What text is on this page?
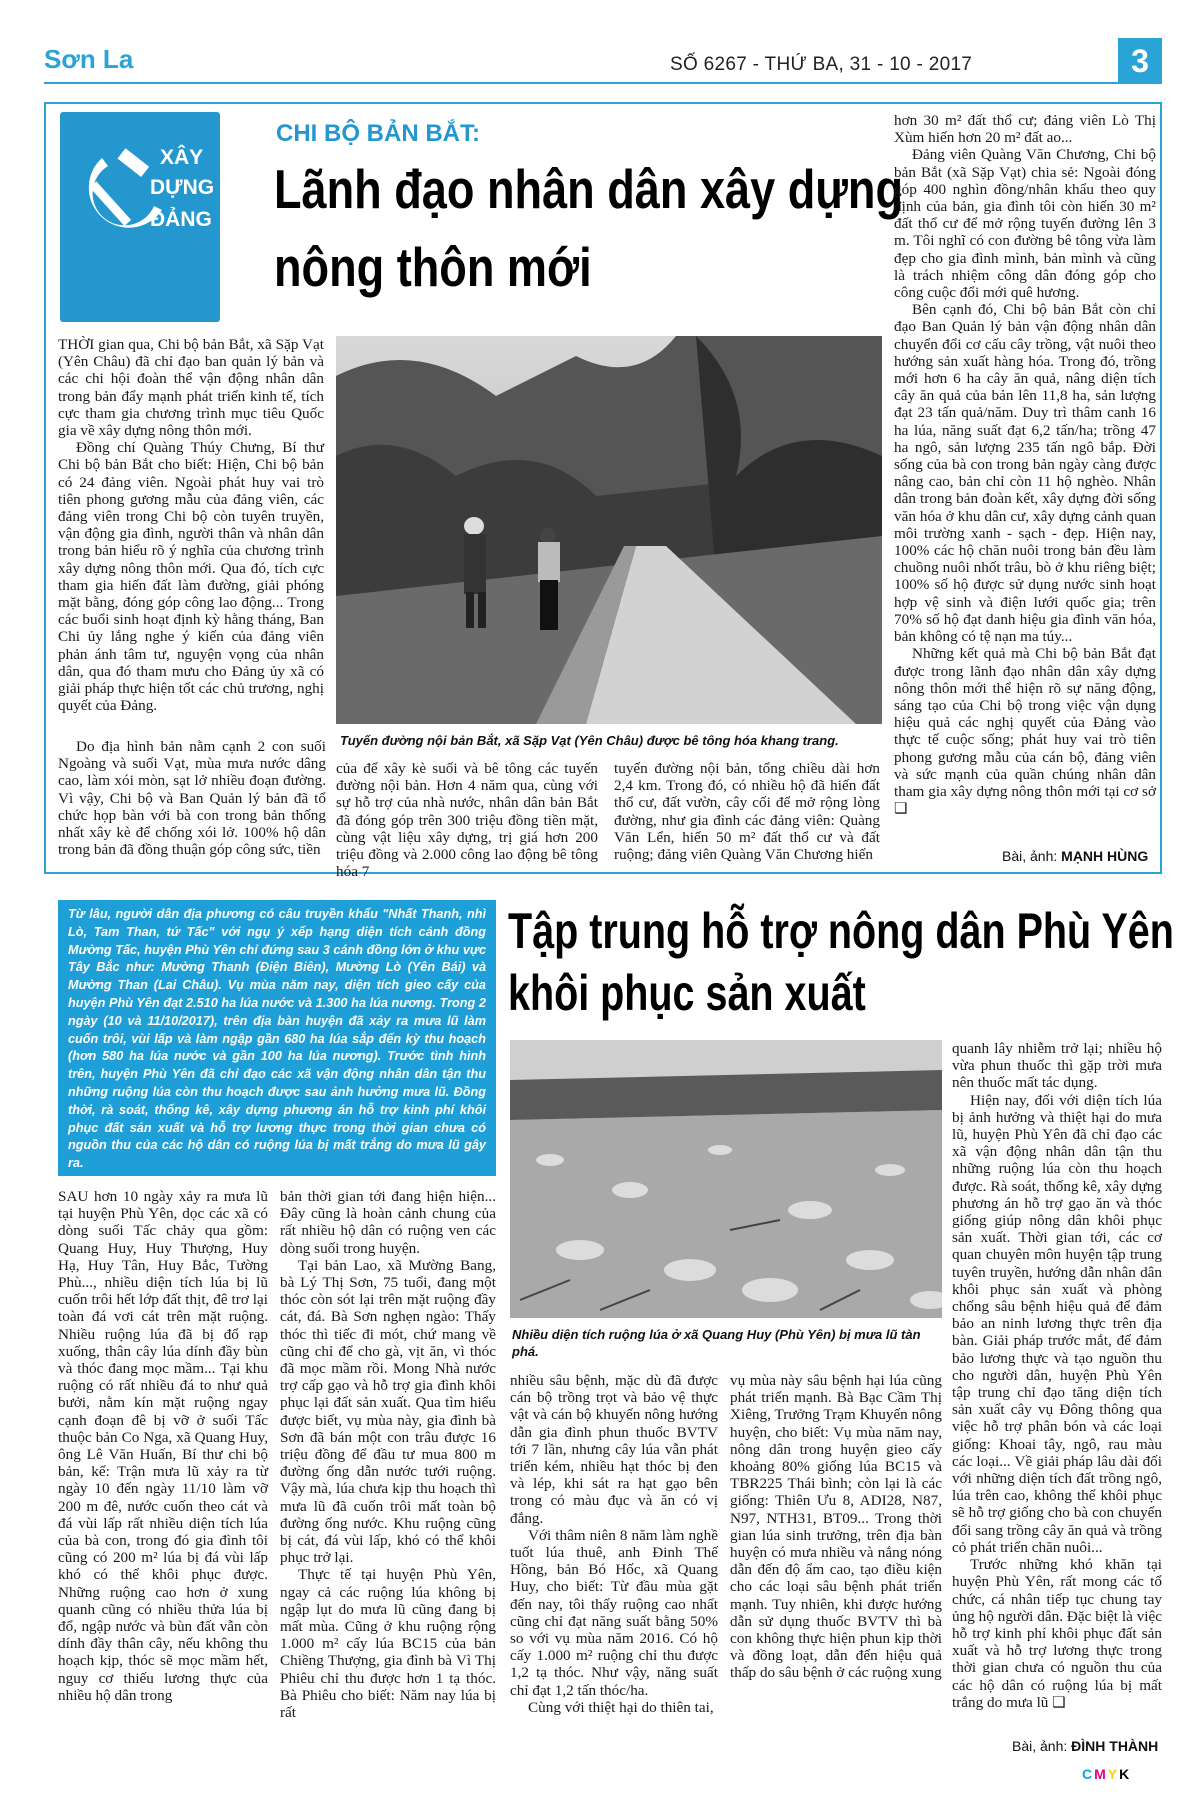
Sơn La	SỐ 6267 - THỨ BA, 31 - 10 - 2017	3
XÂY
DỰNG
ĐẢNG
CHI BỘ BẢN BẮT:
Lãnh đạo nhân dân xây dựng
nông thôn mới
Tuyến đường nội bản Bắt, xã Sặp Vạt (Yên Châu) được bê tông hóa khang trang.

THỜI gian qua, Chi bộ bản Bắt, xã Sặp Vạt (Yên Châu) đã chỉ đạo ban quản lý bản và các chi hội đoàn thể vận động nhân dân trong bản đẩy mạnh phát triển kinh tế, tích cực tham gia chương trình mục tiêu Quốc gia về xây dựng nông thôn mới.

Đồng chí Quàng Thúy Chưng, Bí thư Chi bộ bản Bắt cho biết: Hiện, Chi bộ bản có 24 đảng viên. Ngoài phát huy vai trò tiên phong gương mẫu của đảng viên, các đảng viên trong Chi bộ còn tuyên truyền, vận động gia đình, người thân và nhân dân trong bản hiểu rõ ý nghĩa của chương trình xây dựng nông thôn mới. Qua đó, tích cực tham gia hiến đất làm đường, giải phóng mặt bằng, đóng góp công lao động... Trong các buổi sinh hoạt định kỳ hằng tháng, Ban Chi ủy lắng nghe ý kiến của đảng viên phản ánh tâm tư, nguyện vọng của nhân dân, qua đó tham mưu cho Đảng ủy xã có giải pháp thực hiện tốt các chủ trương, nghị quyết của Đảng.

Do địa hình bản nằm cạnh 2 con suối Ngoàng và suối Vạt, mùa mưa nước dâng cao, làm xói mòn, sạt lở nhiều đoạn đường. Vì vậy, Chi bộ và Ban Quản lý bản đã tổ chức họp bàn với bà con trong bản thống nhất xây kè để chống xói lở. 100% hộ dân trong bản đã đồng thuận góp công sức, tiền

của để xây kè suối và bê tông các tuyến đường nội bản. Hơn 4 năm qua, cùng với sự hỗ trợ của nhà nước, nhân dân bản Bắt đã đóng góp trên 300 triệu đồng tiền mặt, cùng vật liệu xây dựng, trị giá hơn 200 triệu đồng và 2.000 công lao động bê tông hóa 7

tuyến đường nội bản, tổng chiều dài hơn 2,4 km. Trong đó, có nhiều hộ đã hiến đất thổ cư, đất vườn, cây cối để mở rộng lòng đường, như gia đình các đảng viên: Quàng Văn Lển, hiến 50 m² đất thổ cư và đất ruộng; đảng viên Quàng Văn Chương hiến

hơn 30 m² đất thổ cư; đảng viên Lò Thị Xùm hiến hơn 20 m² đất ao...

Đảng viên Quàng Văn Chương, Chi bộ bản Bắt (xã Sặp Vạt) chia sẻ: Ngoài đóng góp 400 nghìn đồng/nhân khẩu theo quy định của bản, gia đình tôi còn hiến 30 m² đất thổ cư để mở rộng tuyến đường lên 3 m. Tôi nghĩ có con đường bê tông vừa làm đẹp cho gia đình mình, bản mình và cũng là trách nhiệm công dân đóng góp cho công cuộc đổi mới quê hương.

Bên cạnh đó, Chi bộ bản Bắt còn chỉ đạo Ban Quản lý bản vận động nhân dân chuyển đổi cơ cấu cây trồng, vật nuôi theo hướng sản xuất hàng hóa. Trong đó, trồng mới hơn 6 ha cây ăn quả, nâng diện tích cây ăn quả của bản lên 11,8 ha, sản lượng đạt 23 tấn quả/năm. Duy trì thâm canh 16 ha lúa, năng suất đạt 6,2 tấn/ha; trồng 47 ha ngô, sản lượng 235 tấn ngô bắp. Đời sống của bà con trong bản ngày càng được nâng cao, bản chỉ còn 11 hộ nghèo. Nhân dân trong bản đoàn kết, xây dựng đời sống văn hóa ở khu dân cư, xây dựng cảnh quan môi trường xanh - sạch - đẹp. Hiện nay, 100% các hộ chăn nuôi trong bản đều làm chuồng nuôi nhốt trâu, bò ở khu riêng biệt; 100% số hộ được sử dụng nước sinh hoạt hợp vệ sinh và điện lưới quốc gia; trên 70% số hộ đạt danh hiệu gia đình văn hóa, bản không có tệ nạn ma túy...

Những kết quả mà Chi bộ bản Bắt đạt được trong lãnh đạo nhân dân xây dựng nông thôn mới thể hiện rõ sự năng động, sáng tạo của Chi bộ trong việc vận dụng hiệu quả các nghị quyết của Đảng vào thực tế cuộc sống; phát huy vai trò tiên phong gương mẫu của cán bộ, đảng viên và sức mạnh của quần chúng nhân dân tham gia xây dựng nông thôn mới tại cơ sở ❏

Bài, ảnh: MẠNH HÙNG
Từ lâu, người dân địa phương có câu truyền khẩu "Nhất Thanh, nhì Lò, Tam Than, tứ Tấc" với ngụ ý xếp hạng diện tích cánh đồng Mường Tấc, huyện Phù Yên chỉ đứng sau 3 cánh đồng lớn ở khu vực Tây Bắc như: Mường Thanh (Điện Biên), Mường Lò (Yên Bái) và Mường Than (Lai Châu). Vụ mùa năm nay, diện tích gieo cấy của huyện Phù Yên đạt 2.510 ha lúa nước và 1.300 ha lúa nương. Trong 2 ngày (10 và 11/10/2017), trên địa bàn huyện đã xảy ra mưa lũ làm cuốn trôi, vùi lấp và làm ngập gần 680 ha lúa sắp đến kỳ thu hoạch (hơn 580 ha lúa nước và gần 100 ha lúa nương). Trước tình hình trên, huyện Phù Yên đã chỉ đạo các xã vận động nhân dân tận thu những ruộng lúa còn thu hoạch được sau ảnh hưởng mưa lũ. Đồng thời, rà soát, thống kê, xây dựng phương án hỗ trợ kinh phí khôi phục đất sản xuất và hỗ trợ lương thực trong thời gian chưa có nguồn thu của các hộ dân có ruộng lúa bị mất trắng do mưa lũ gây ra.
Tập trung hỗ trợ nông dân Phù Yên
khôi phục sản xuất
Nhiều diện tích ruộng lúa ở xã Quang Huy (Phù Yên) bị mưa lũ tàn phá.

SAU hơn 10 ngày xảy ra mưa lũ tại huyện Phù Yên, dọc các xã có dòng suối Tấc chảy qua gồm: Quang Huy, Huy Thượng, Huy Hạ, Huy Tân, Huy Bắc, Tường Phù..., nhiều diện tích lúa bị lũ cuốn trôi hết lớp đất thịt, đê trơ lại toàn đá vơi cát trên mặt ruộng. Nhiều ruộng lúa đã bị đổ rạp xuống, thân cây lúa dính đầy bùn và thóc đang mọc mầm... Tại khu ruộng có rất nhiều đá to như quả bưởi, nằm kín mặt ruộng ngay cạnh đoạn đê bị vỡ ở suối Tấc thuộc bản Co Nga, xã Quang Huy, ông Lê Văn Huấn, Bí thư chi bộ bản, kể: Trận mưa lũ xảy ra từ ngày 10 đến ngày 11/10 làm vỡ 200 m đê, nước cuốn theo cát và đá vùi lấp rất nhiều diện tích lúa của bà con, trong đó gia đình tôi cũng có 200 m² lúa bị đá vùi lấp khó có thể khôi phục được. Những ruộng cao hơn ở xung quanh cũng có nhiều thửa lúa bị đổ, ngập nước và bùn đất vẫn còn dính đầy thân cây, nếu không thu hoạch kịp, thóc sẽ mọc mầm hết, nguy cơ thiếu lương thực của nhiều hộ dân trong

bản thời gian tới đang hiện hiện... Đây cũng là hoàn cảnh chung của rất nhiều hộ dân có ruộng ven các dòng suối trong huyện.

Tại bản Lao, xã Mường Bang, bà Lý Thị Sơn, 75 tuổi, đang một thóc còn sót lại trên mặt ruộng đầy cát, đá. Bà Sơn nghẹn ngào: Thấy thóc thì tiếc đi mót, chứ mang về cũng chỉ để cho gà, vịt ăn, vì thóc đã mọc mầm rồi. Mong Nhà nước trợ cấp gạo và hỗ trợ gia đình khôi phục lại đất sản xuất. Qua tìm hiểu được biết, vụ mùa này, gia đình bà Sơn đã bán một con trâu được 16 triệu đồng để đầu tư mua 800 m đường ống dẫn nước tưới ruộng. Vậy mà, lúa chưa kịp thu hoạch thì mưa lũ đã cuốn trôi mất toàn bộ đường ống nước. Khu ruộng cũng bị cát, đá vùi lấp, khó có thể khôi phục trở lại.

Thực tế tại huyện Phù Yên, ngay cả các ruộng lúa không bị ngập lụt do mưa lũ cũng đang bị mất mùa. Cũng ở khu ruộng rộng 1.000 m² cấy lúa BC15 của bản Chiềng Thượng, gia đình bà Vì Thị Phiêu chỉ thu được hơn 1 tạ thóc. Bà Phiêu cho biết: Năm nay lúa bị rất

nhiều sâu bệnh, mặc dù đã được cán bộ trồng trọt và bảo vệ thực vật và cán bộ khuyến nông hướng dẫn gia đình phun thuốc BVTV tới 7 lần, nhưng cây lúa vẫn phát triển kém, nhiều hạt thóc bị đen và lép, khi sát ra hạt gạo bên trong có màu đục và ăn có vị đắng.

Với thâm niên 8 năm làm nghề tuốt lúa thuê, anh Đinh Thế Hồng, bản Bó Hốc, xã Quang Huy, cho biết: Từ đầu mùa gặt đến nay, tôi thấy ruộng cao nhất cũng chỉ đạt năng suất bằng 50% so với vụ mùa năm 2016. Có hộ cấy 1.000 m² ruộng chỉ thu được 1,2 tạ thóc. Như vậy, năng suất chỉ đạt 1,2 tấn thóc/ha.

Cùng với thiệt hại do thiên tai,

vụ mùa này sâu bệnh hại lúa cũng phát triển mạnh. Bà Bạc Cầm Thị Xiêng, Trưởng Trạm Khuyến nông huyện, cho biết: Vụ mùa năm nay, nông dân trong huyện gieo cấy khoảng 80% giống lúa BC15 và TBR225 Thái bình; còn lại là các giống: Thiên Ưu 8, ADI28, N87, N97, NTH31, BT09... Trong thời gian lúa sinh trưởng, trên địa bàn huyện có mưa nhiều và nắng nóng dẫn đến độ ẩm cao, tạo điều kiện cho các loại sâu bệnh phát triển mạnh. Tuy nhiên, khi được hướng dẫn sử dụng thuốc BVTV thì bà con không thực hiện phun kịp thời và đồng loạt, dẫn đến hiệu quả thấp do sâu bệnh ở các ruộng xung

quanh lây nhiễm trở lại; nhiều hộ vừa phun thuốc thì gặp trời mưa nên thuốc mất tác dụng.

Hiện nay, đối với diện tích lúa bị ảnh hưởng và thiệt hại do mưa lũ, huyện Phù Yên đã chỉ đạo các xã vận động nhân dân tận thu những ruộng lúa còn thu hoạch được. Rà soát, thống kê, xây dựng phương án hỗ trợ gạo ăn và thóc giống giúp nông dân khôi phục sản xuất. Thời gian tới, các cơ quan chuyên môn huyện tập trung tuyên truyền, hướng dẫn nhân dân khôi phục sản xuất và phòng chống sâu bệnh hiệu quả để đảm bảo an ninh lương thực trên địa bàn. Giải pháp trước mắt, để đảm bảo lương thực và tạo nguồn thu cho người dân, huyện Phù Yên tập trung chỉ đạo tăng diện tích sản xuất cây vụ Đông thông qua việc hỗ trợ phân bón và các loại giống: Khoai tây, ngô, rau màu các loại... Về giải pháp lâu dài đối với những diện tích đất trồng ngô, lúa trên cao, không thể khôi phục sẽ hỗ trợ giống cho bà con chuyển đổi sang trồng cây ăn quả và trồng cỏ phát triển chăn nuôi...

Trước những khó khăn tại huyện Phù Yên, rất mong các tổ chức, cá nhân tiếp tục chung tay ủng hộ người dân. Đặc biệt là việc hỗ trợ kinh phí khôi phục đất sản xuất và hỗ trợ lương thực trong thời gian chưa có nguồn thu của các hộ dân có ruộng lúa bị mất trắng do mưa lũ ❏

Bài, ảnh: ĐÌNH THÀNH
CMYK
